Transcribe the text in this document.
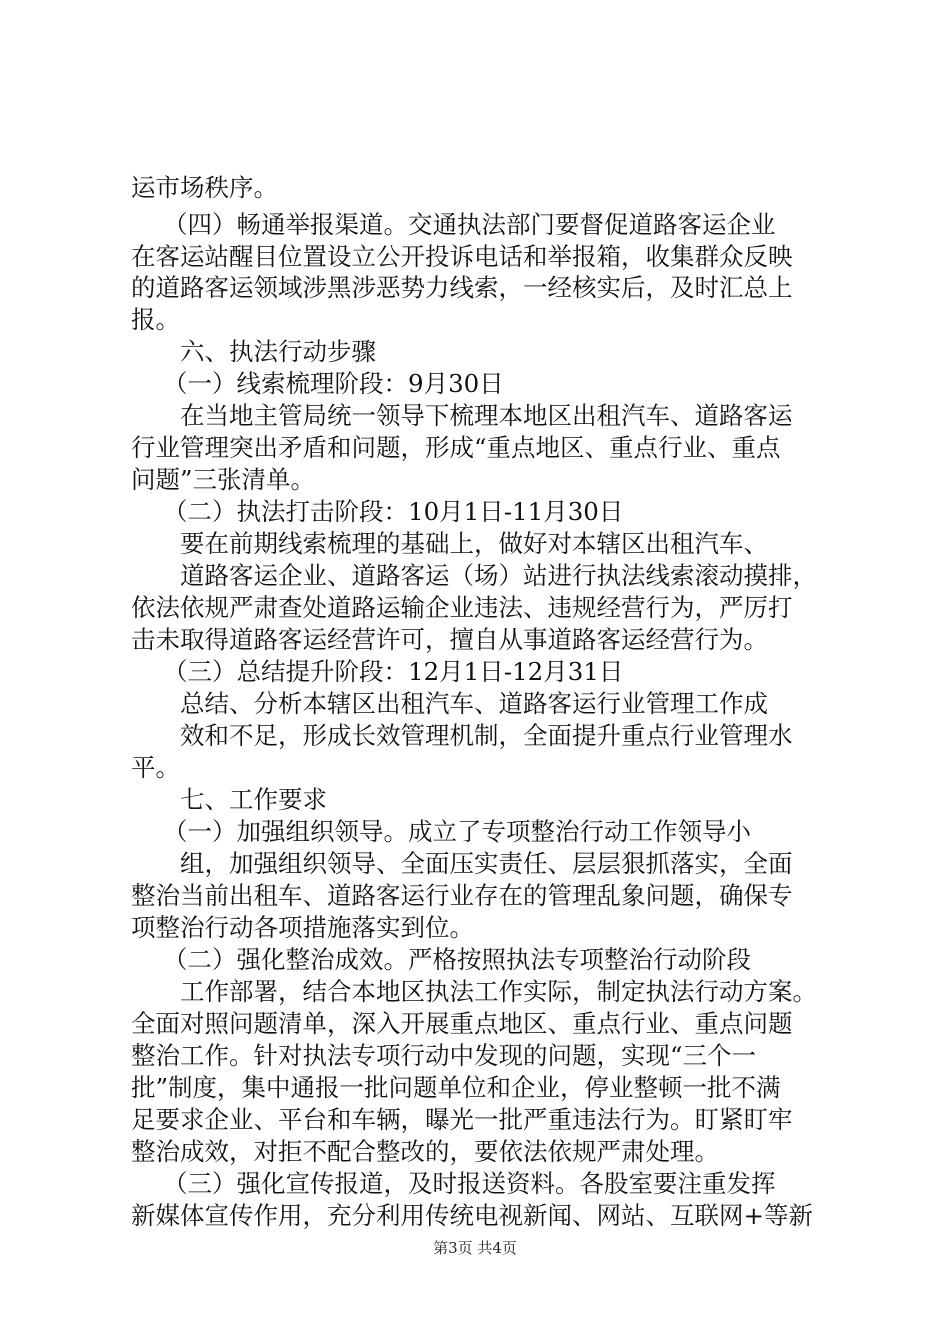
运市场秩序。
（四）畅通举报渠道。交通执法部门要督促道路客运企业
在客运站醒目位置设立公开投诉电话和举报箱，收集群众反映
的道路客运领域涉黑涉恶势力线索，一经核实后，及时汇总上
报。
六、执法行动步骤
（一）线索梳理阶段：9月30日
在当地主管局统一领导下梳理本地区出租汽车、道路客运
行业管理突出矛盾和问题，形成“重点地区、重点行业、重点
问题”三张清单。
（二）执法打击阶段：10月1日-11月30日
要在前期线索梳理的基础上，做好对本辖区出租汽车、
道路客运企业、道路客运（场）站进行执法线索滚动摸排，
依法依规严肃查处道路运输企业违法、违规经营行为，严厉打
击未取得道路客运经营许可，擅自从事道路客运经营行为。
（三）总结提升阶段：12月1日-12月31日
总结、分析本辖区出租汽车、道路客运行业管理工作成
效和不足，形成长效管理机制，全面提升重点行业管理水
平。
七、工作要求
（一）加强组织领导。成立了专项整治行动工作领导小
组，加强组织领导、全面压实责任、层层狠抓落实，全面
整治当前出租车、道路客运行业存在的管理乱象问题，确保专
项整治行动各项措施落实到位。
（二）强化整治成效。严格按照执法专项整治行动阶段
工作部署，结合本地区执法工作实际，制定执法行动方案。
全面对照问题清单，深入开展重点地区、重点行业、重点问题
整治工作。针对执法专项行动中发现的问题，实现“三个一
批”制度，集中通报一批问题单位和企业，停业整顿一批不满
足要求企业、平台和车辆，曝光一批严重违法行为。盯紧盯牢
整治成效，对拒不配合整改的，要依法依规严肃处理。
（三）强化宣传报道，及时报送资料。各股室要注重发挥
新媒体宣传作用，充分利用传统电视新闻、网站、互联网+等新
第3页 共4页
